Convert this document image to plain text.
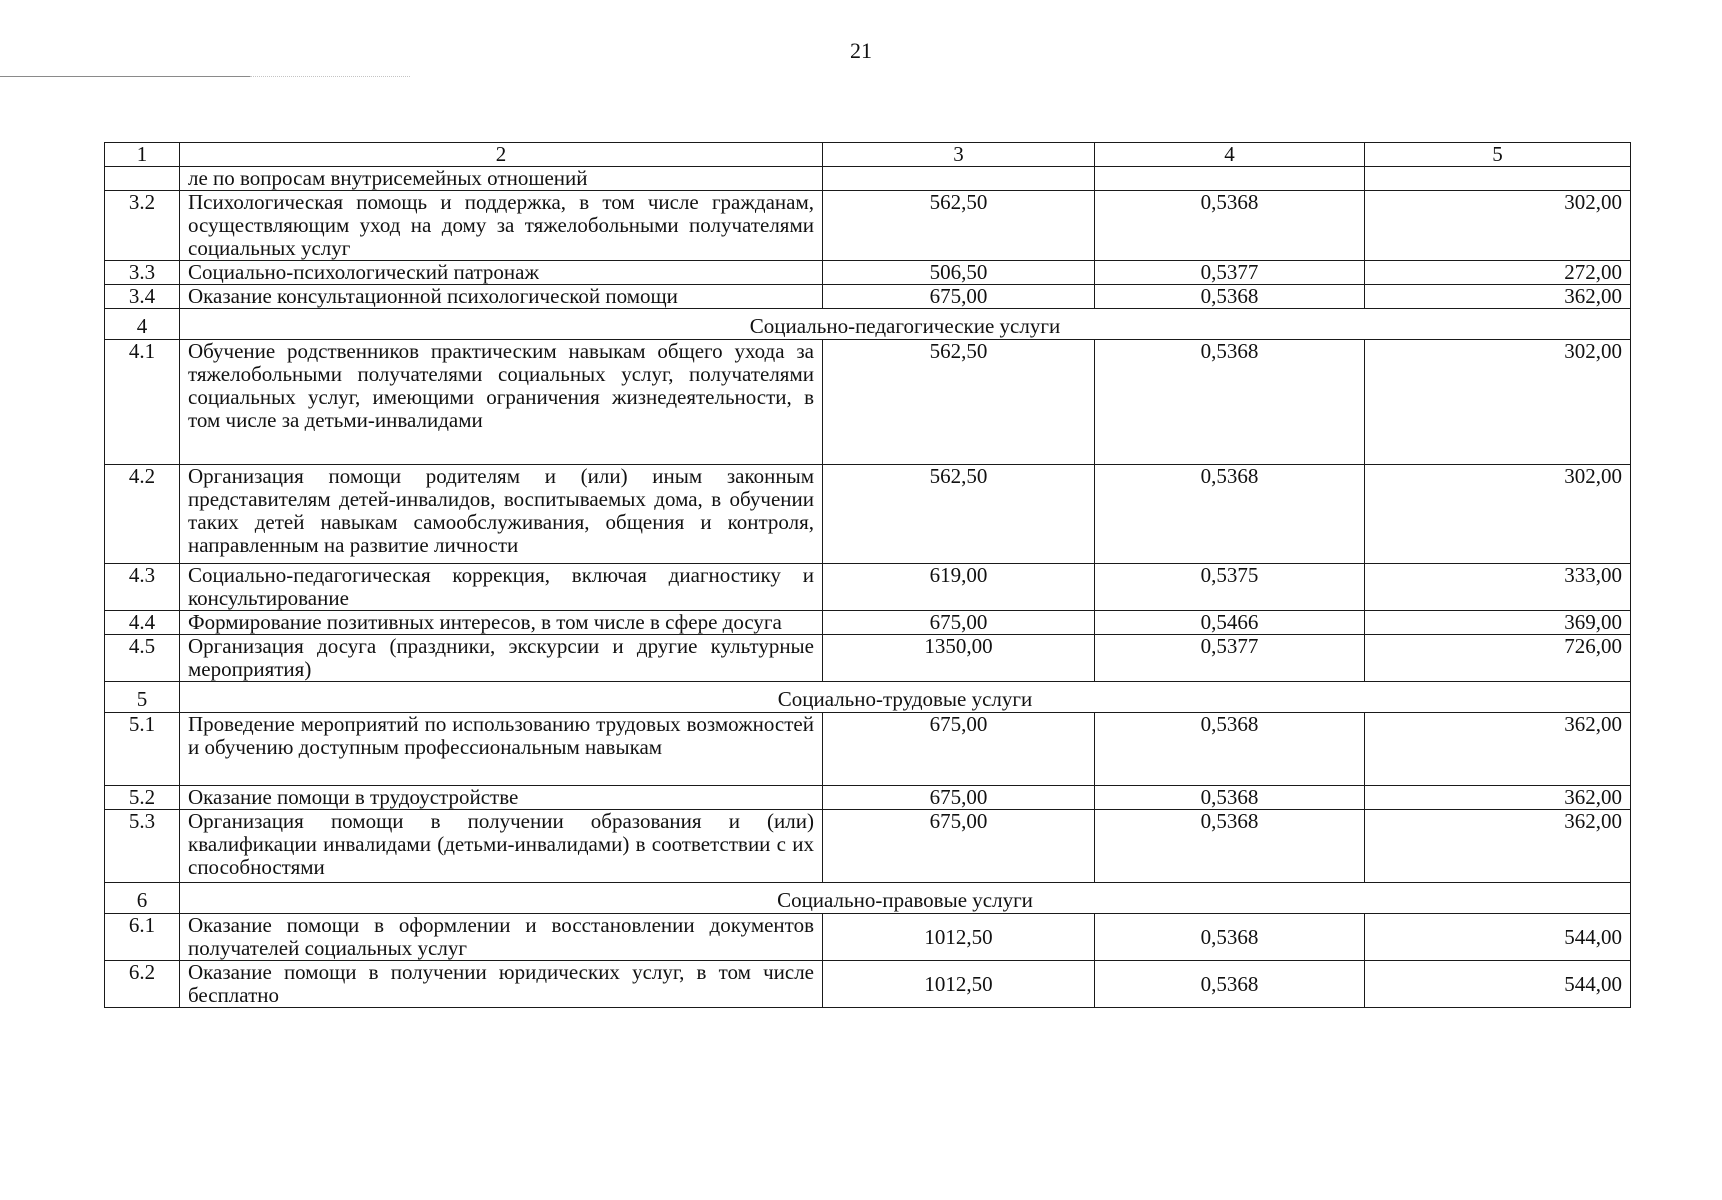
21
1	2	3	4	5
	ле по вопросам внутрисемейных отношений			
3.2	Психологическая помощь и поддержка, в том числе гражданам, осуществляющим уход на дому за тяжелобольными получателями социальных услуг	562,50	0,5368	302,00
3.3	Социально-психологический патронаж	506,50	0,5377	272,00
3.4	Оказание консультационной психологической помощи	675,00	0,5368	362,00
4	Социально-педагогические услуги			
4.1	Обучение родственников практическим навыкам общего ухода за тяжелобольными получателями социальных услуг, получателями социальных услуг, имеющими ограничения жизнедеятельности, в том числе за детьми-инвалидами	562,50	0,5368	302,00
4.2	Организация помощи родителям и (или) иным законным представителям детей-инвалидов, воспитываемых дома, в обучении таких детей навыкам самообслуживания, общения и контроля, направленным на развитие личности	562,50	0,5368	302,00
4.3	Социально-педагогическая коррекция, включая диагностику и консультирование	619,00	0,5375	333,00
4.4	Формирование позитивных интересов, в том числе в сфере досуга	675,00	0,5466	369,00
4.5	Организация досуга (праздники, экскурсии и другие культурные мероприятия)	1350,00	0,5377	726,00
5	Социально-трудовые услуги			
5.1	Проведение мероприятий по использованию трудовых возможностей и обучению доступным профессиональным навыкам	675,00	0,5368	362,00
5.2	Оказание помощи в трудоустройстве	675,00	0,5368	362,00
5.3	Организация помощи в получении образования и (или) квалификации инвалидами (детьми-инвалидами) в соответствии с их способностями	675,00	0,5368	362,00
6	Социально-правовые услуги			
6.1	Оказание помощи в оформлении и восстановлении документов получателей социальных услуг	1012,50	0,5368	544,00
6.2	Оказание помощи в получении юридических услуг, в том числе бесплатно	1012,50	0,5368	544,00
